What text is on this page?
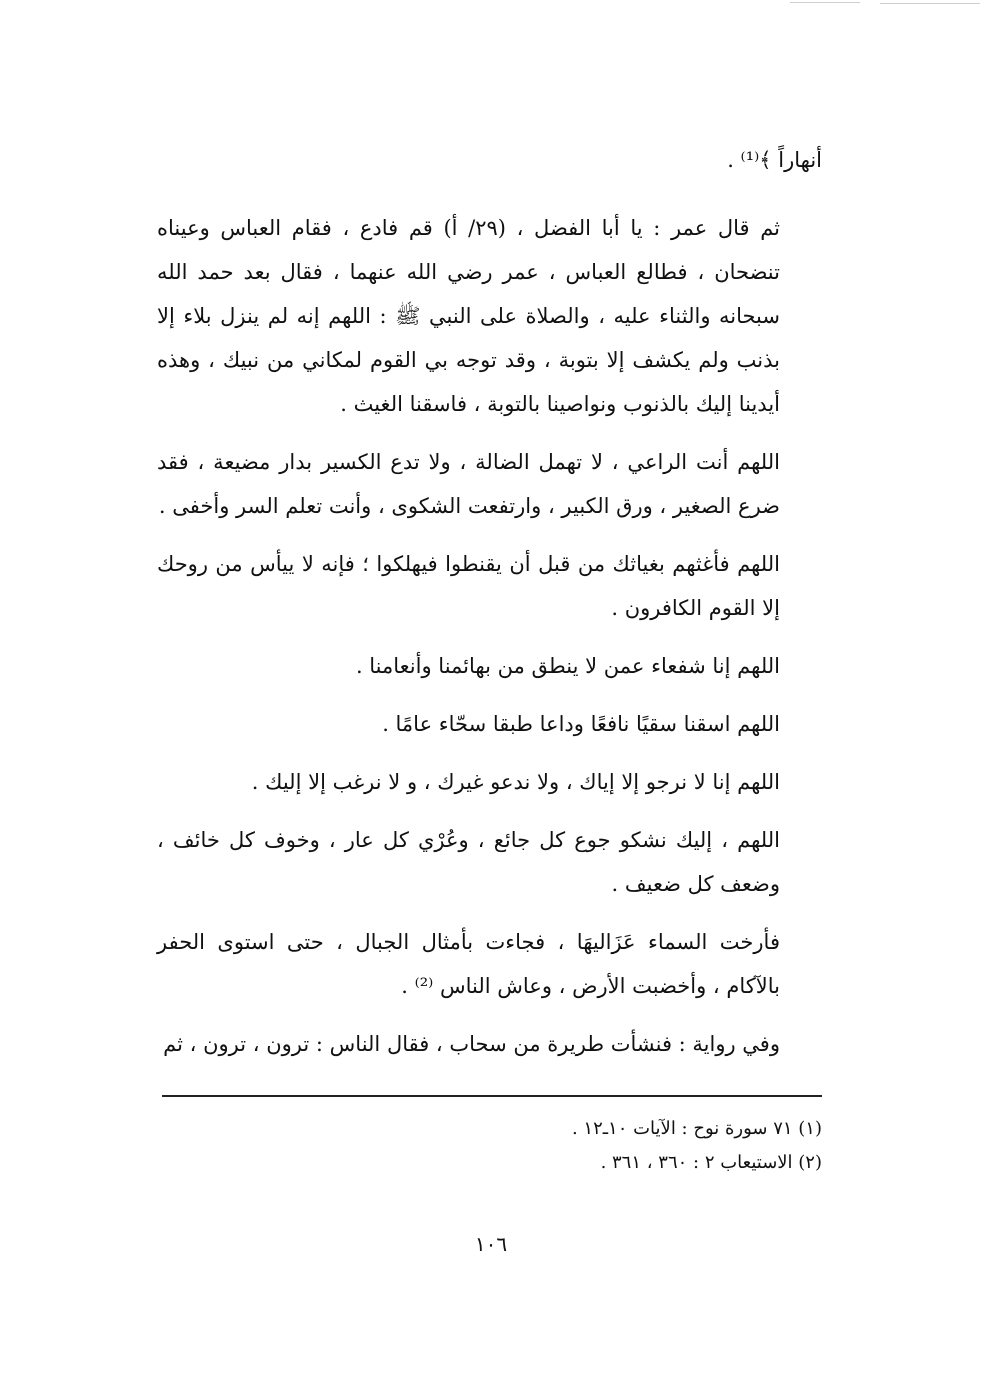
أنهاراً ﴾⁽¹⁾ .

ثم قال عمر : يا أبا الفضل ، (٢٩/ أ) قم فادع ، فقام العباس وعيناه تنضحان ، فطالع العباس ، عمر رضي الله عنهما ، فقال بعد حمد الله سبحانه والثناء عليه ، والصلاة على النبي ﷺ : اللهم إنه لم ينزل بلاء إلا بذنب ولم يكشف إلا بتوبة ، وقد توجه بي القوم لمكاني من نبيك ، وهذه أيدينا إليك بالذنوب ونواصينا بالتوبة ، فاسقنا الغيث .

اللهم أنت الراعي ، لا تهمل الضالة ، ولا تدع الكسير بدار مضيعة ، فقد ضرع الصغير ، ورق الكبير ، وارتفعت الشكوى ، وأنت تعلم السر وأخفى .

اللهم فأغثهم بغياثك من قبل أن يقنطوا فيهلكوا ؛ فإنه لا ييأس من روحك إلا القوم الكافرون .

اللهم إنا شفعاء عمن لا ينطق من بهائمنا وأنعامنا .

اللهم اسقنا سقيًا نافعًا وداعا طبقا سحّاء عامًا .

اللهم إنا لا نرجو إلا إياك ، ولا ندعو غيرك ، و لا نرغب إلا إليك .

اللهم ، إليك نشكو جوع كل جائع ، وعُرْي كل عار ، وخوف كل خائف ، وضعف كل ضعيف .

فأرخت السماء عَزَاليهَا ، فجاءت بأمثال الجبال ، حتى استوى الحفر بالآكام ، وأخضبت الأرض ، وعاش الناس ⁽²⁾ .

وفي رواية : فنشأت طريرة من سحاب ، فقال الناس : ترون ، ترون ، ثم

(١) ٧١ سورة نوح : الآيات ١٠ـ١٢ .

(٢) الاستيعاب ٢ : ٣٦٠ ، ٣٦١ .

١٠٦
